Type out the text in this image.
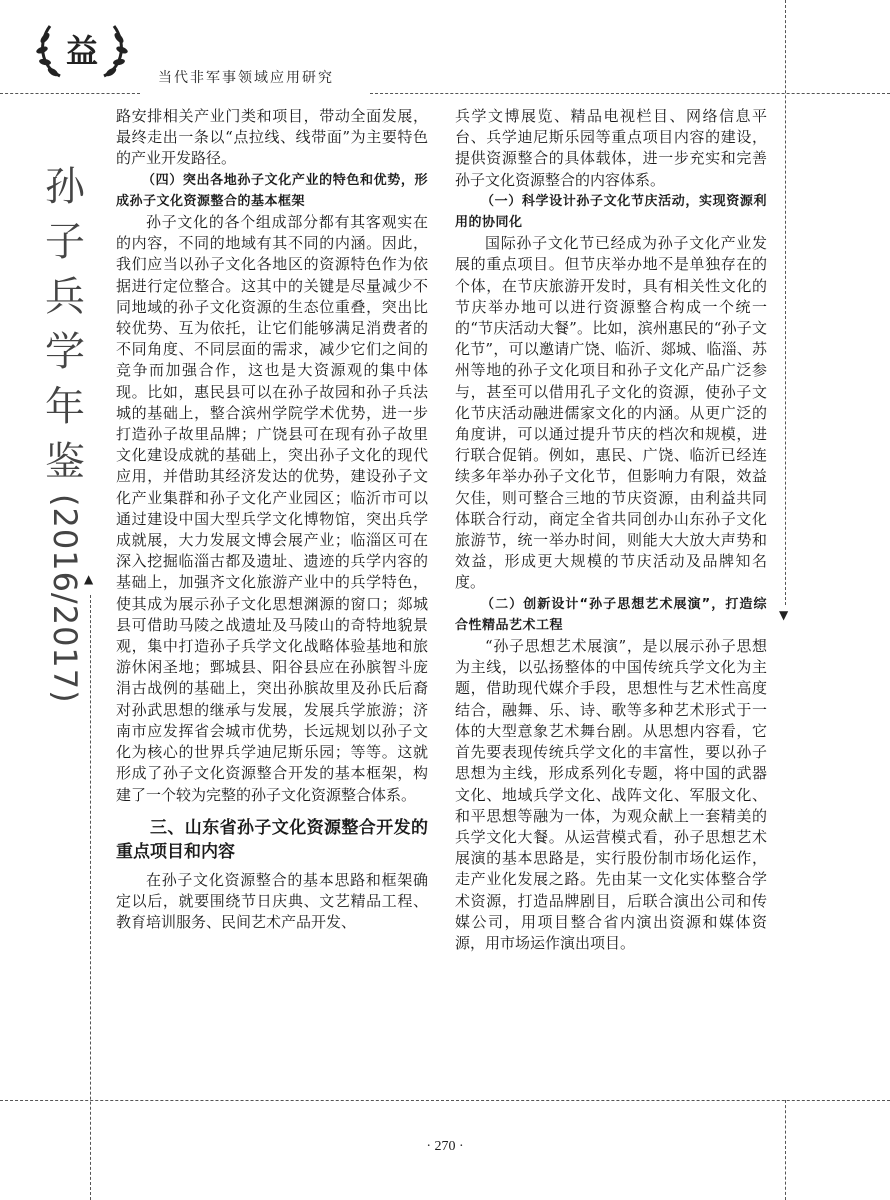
益
当代非军事领域应用研究
孙
子
兵
学
年
鉴
(2016/2017) ▲
▼

路安排相关产业门类和项目，带动全面发展，最终走出一条以“点拉线、线带面”为主要特色的产业开发路径。

（四）突出各地孙子文化产业的特色和优势，形成孙子文化资源整合的基本框架

孙子文化的各个组成部分都有其客观实在的内容，不同的地域有其不同的内涵。因此，我们应当以孙子文化各地区的资源特色作为依据进行定位整合。这其中的关键是尽量减少不同地域的孙子文化资源的生态位重叠，突出比较优势、互为依托，让它们能够满足消费者的不同角度、不同层面的需求，减少它们之间的竞争而加强合作，这也是大资源观的集中体现。比如，惠民县可以在孙子故园和孙子兵法城的基础上，整合滨州学院学术优势，进一步打造孙子故里品牌；广饶县可在现有孙子故里文化建设成就的基础上，突出孙子文化的现代应用，并借助其经济发达的优势，建设孙子文化产业集群和孙子文化产业园区；临沂市可以通过建设中国大型兵学文化博物馆，突出兵学成就展，大力发展文博会展产业；临淄区可在深入挖掘临淄古都及遗址、遗迹的兵学内容的基础上，加强齐文化旅游产业中的兵学特色，使其成为展示孙子文化思想渊源的窗口；郯城县可借助马陵之战遗址及马陵山的奇特地貌景观，集中打造孙子兵学文化战略体验基地和旅游休闲圣地；鄄城县、阳谷县应在孙膑智斗庞涓古战例的基础上，突出孙膑故里及孙氏后裔对孙武思想的继承与发展，发展兵学旅游；济南市应发挥省会城市优势，长远规划以孙子文化为核心的世界兵学迪尼斯乐园；等等。这就形成了孙子文化资源整合开发的基本框架，构建了一个较为完整的孙子文化资源整合体系。

三、山东省孙子文化资源整合开发的重点项目和内容

在孙子文化资源整合的基本思路和框架确定以后，就要围绕节日庆典、文艺精品工程、教育培训服务、民间艺术产品开发、

兵学文博展览、精品电视栏目、网络信息平台、兵学迪尼斯乐园等重点项目内容的建设，提供资源整合的具体载体，进一步充实和完善孙子文化资源整合的内容体系。

（一）科学设计孙子文化节庆活动，实现资源利用的协同化

国际孙子文化节已经成为孙子文化产业发展的重点项目。但节庆举办地不是单独存在的个体，在节庆旅游开发时，具有相关性文化的节庆举办地可以进行资源整合构成一个统一的“节庆活动大餐”。比如，滨州惠民的“孙子文化节”，可以邀请广饶、临沂、郯城、临淄、苏州等地的孙子文化项目和孙子文化产品广泛参与，甚至可以借用孔子文化的资源，使孙子文化节庆活动融进儒家文化的内涵。从更广泛的角度讲，可以通过提升节庆的档次和规模，进行联合促销。例如，惠民、广饶、临沂已经连续多年举办孙子文化节，但影响力有限，效益欠佳，则可整合三地的节庆资源，由利益共同体联合行动，商定全省共同创办山东孙子文化旅游节，统一举办时间，则能大大放大声势和效益，形成更大规模的节庆活动及品牌知名度。

（二）创新设计“孙子思想艺术展演”，打造综合性精品艺术工程

“孙子思想艺术展演”，是以展示孙子思想为主线，以弘扬整体的中国传统兵学文化为主题，借助现代媒介手段，思想性与艺术性高度结合，融舞、乐、诗、歌等多种艺术形式于一体的大型意象艺术舞台剧。从思想内容看，它首先要表现传统兵学文化的丰富性，要以孙子思想为主线，形成系列化专题，将中国的武器文化、地域兵学文化、战阵文化、军服文化、和平思想等融为一体，为观众献上一套精美的兵学文化大餐。从运营模式看，孙子思想艺术展演的基本思路是，实行股份制市场化运作，走产业化发展之路。先由某一文化实体整合学术资源，打造品牌剧目，后联合演出公司和传媒公司，用项目整合省内演出资源和媒体资源，用市场运作演出项目。

· 270 ·
